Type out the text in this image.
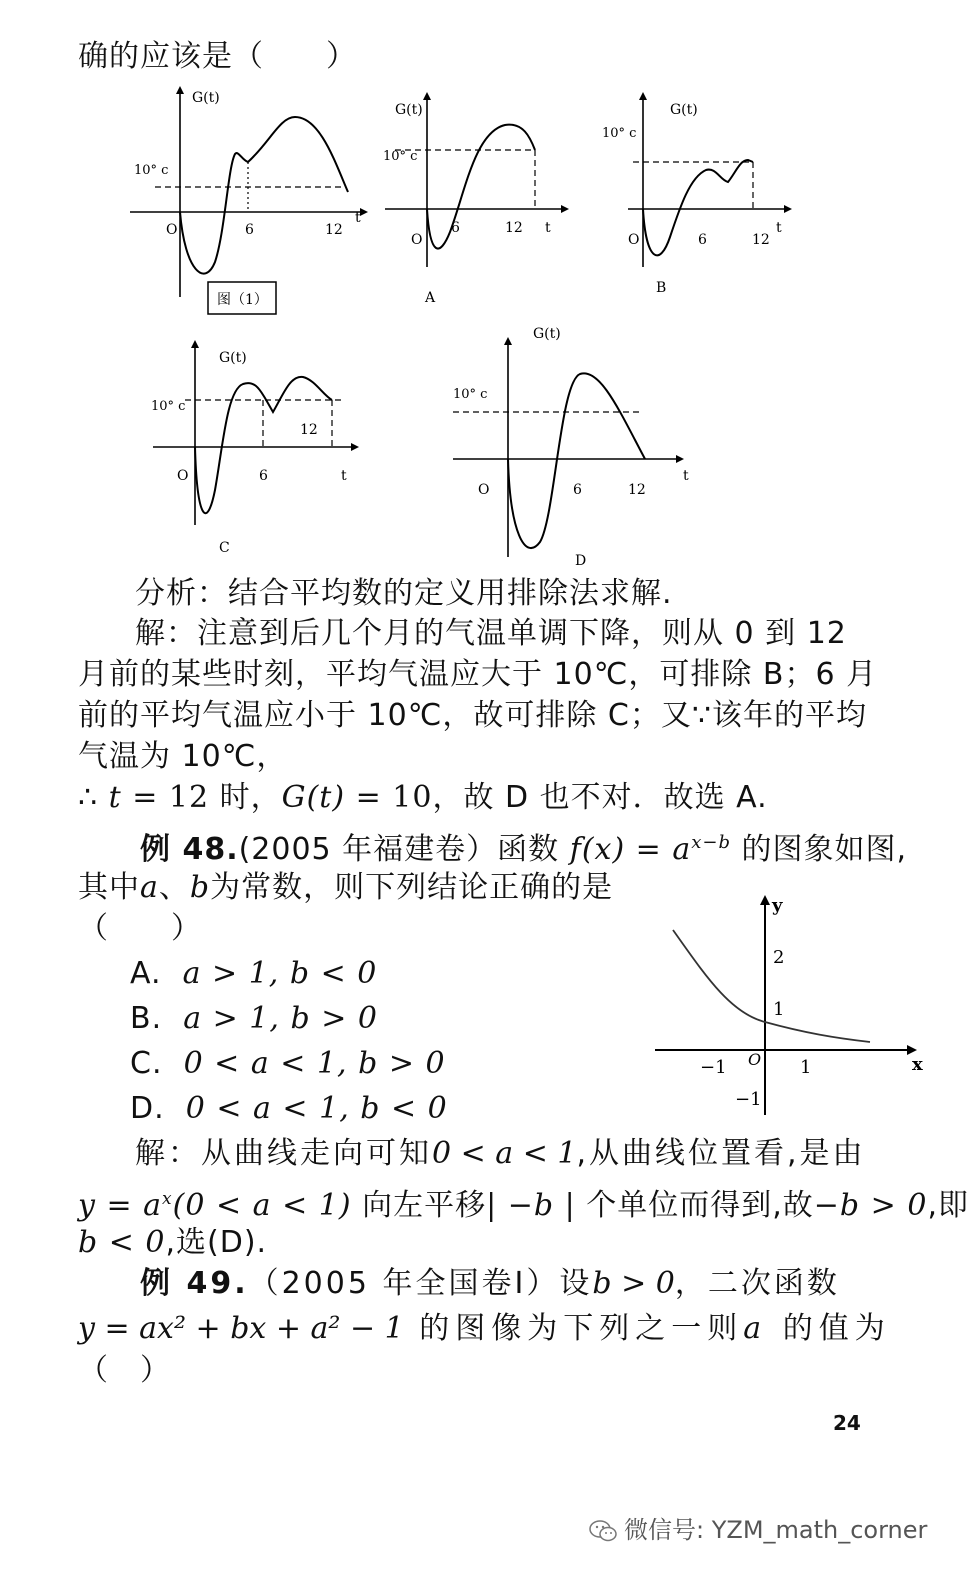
确的应该是（　　）
G(t)
10° c
O	6	12
t
图（1）
G(t)
10° c
O
6	12 t
A
G(t)
10° c
O	6	12
t
B
G(t)
10° c
O	6
12
t
C
G(t)
10° c
O	6	12
t
D
分析：结合平均数的定义用排除法求解.
解：注意到后几个月的气温单调下降，则从 0 到 12
月前的某些时刻，平均气温应大于 10℃，可排除 B；6 月
前的平均气温应小于 10℃，故可排除 C；又∵该年的平均
气温为 10℃，
∴ t = 12 时，G(t) = 10，故 D 也不对．故选 A.
例 48.(2005 年福建卷）函数 $f(x) = a^{x-b}$ 的图象如图,
其中a、b为常数，则下列结论正确的是
（　　）
A. a > 1, b < 0
B. a > 1, b > 0
C. 0 < a < 1, b > 0
D. 0 < a < 1, b < 0
y
x
2
1
−1
−1	1
O
解：从曲线走向可知0 < a < 1,从曲线位置看,是由
$y = a^x(0 < a < 1)$ 向左平移| −b | 个单位而得到,故−b > 0,即
b < 0,选(D).
例 49.（2005 年全国卷Ⅰ）设b > 0，二次函数
y = ax² + bx + a² − 1 的图像为下列之一则a 的值为
（　）
24
微信号: YZM_math_corner
